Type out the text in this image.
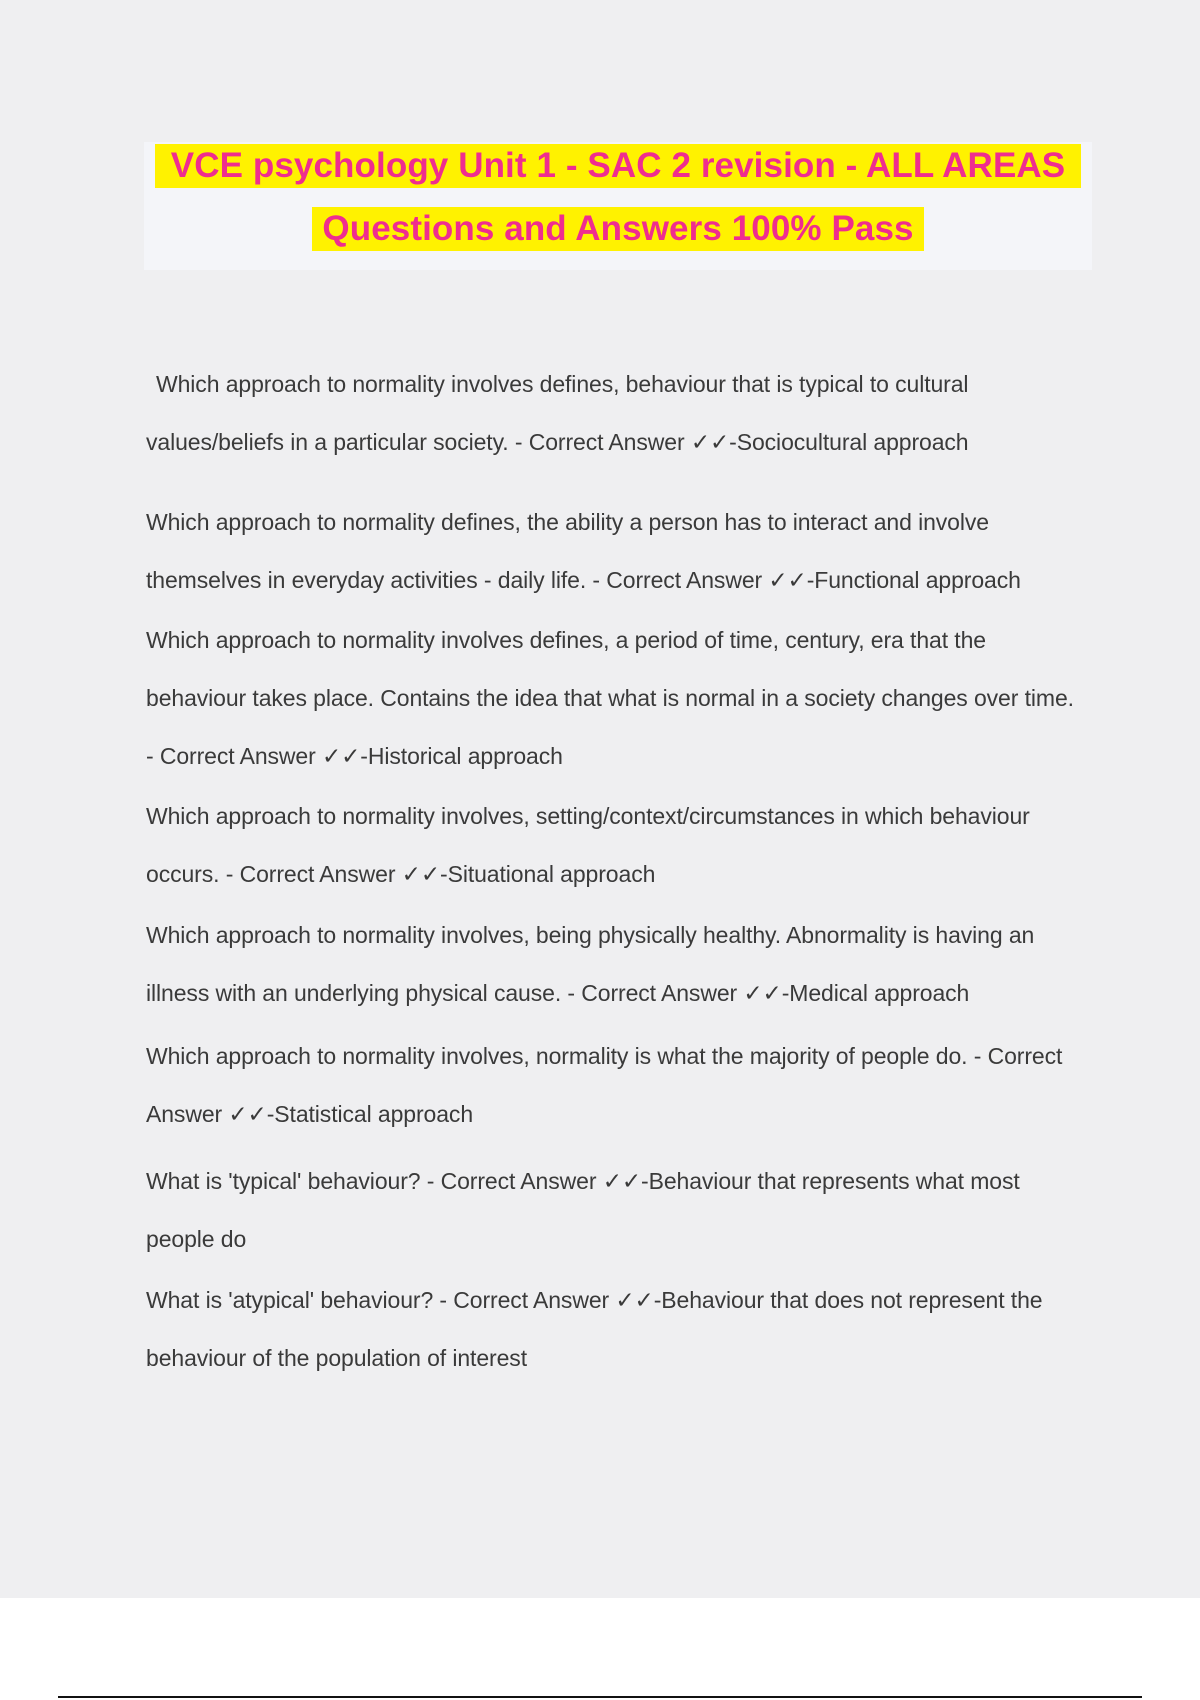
VCE psychology Unit 1 - SAC 2 revision - ALL AREAS
Questions and Answers 100% Pass
Which approach to normality involves defines, behaviour that is typical to cultural values/beliefs in a particular society. - Correct Answer ✓✓-Sociocultural approach
Which approach to normality defines, the ability a person has to interact and involve themselves in everyday activities - daily life. - Correct Answer ✓✓-Functional approach
Which approach to normality involves defines, a period of time, century, era that the behaviour takes place. Contains the idea that what is normal in a society changes over time. - Correct Answer ✓✓-Historical approach
Which approach to normality involves, setting/context/circumstances in which behaviour occurs. - Correct Answer ✓✓-Situational approach
Which approach to normality involves, being physically healthy. Abnormality is having an illness with an underlying physical cause. - Correct Answer ✓✓-Medical approach
Which approach to normality involves, normality is what the majority of people do. - Correct Answer ✓✓-Statistical approach
What is 'typical' behaviour? - Correct Answer ✓✓-Behaviour that represents what most people do
What is 'atypical' behaviour? - Correct Answer ✓✓-Behaviour that does not represent the behaviour of the population of interest
